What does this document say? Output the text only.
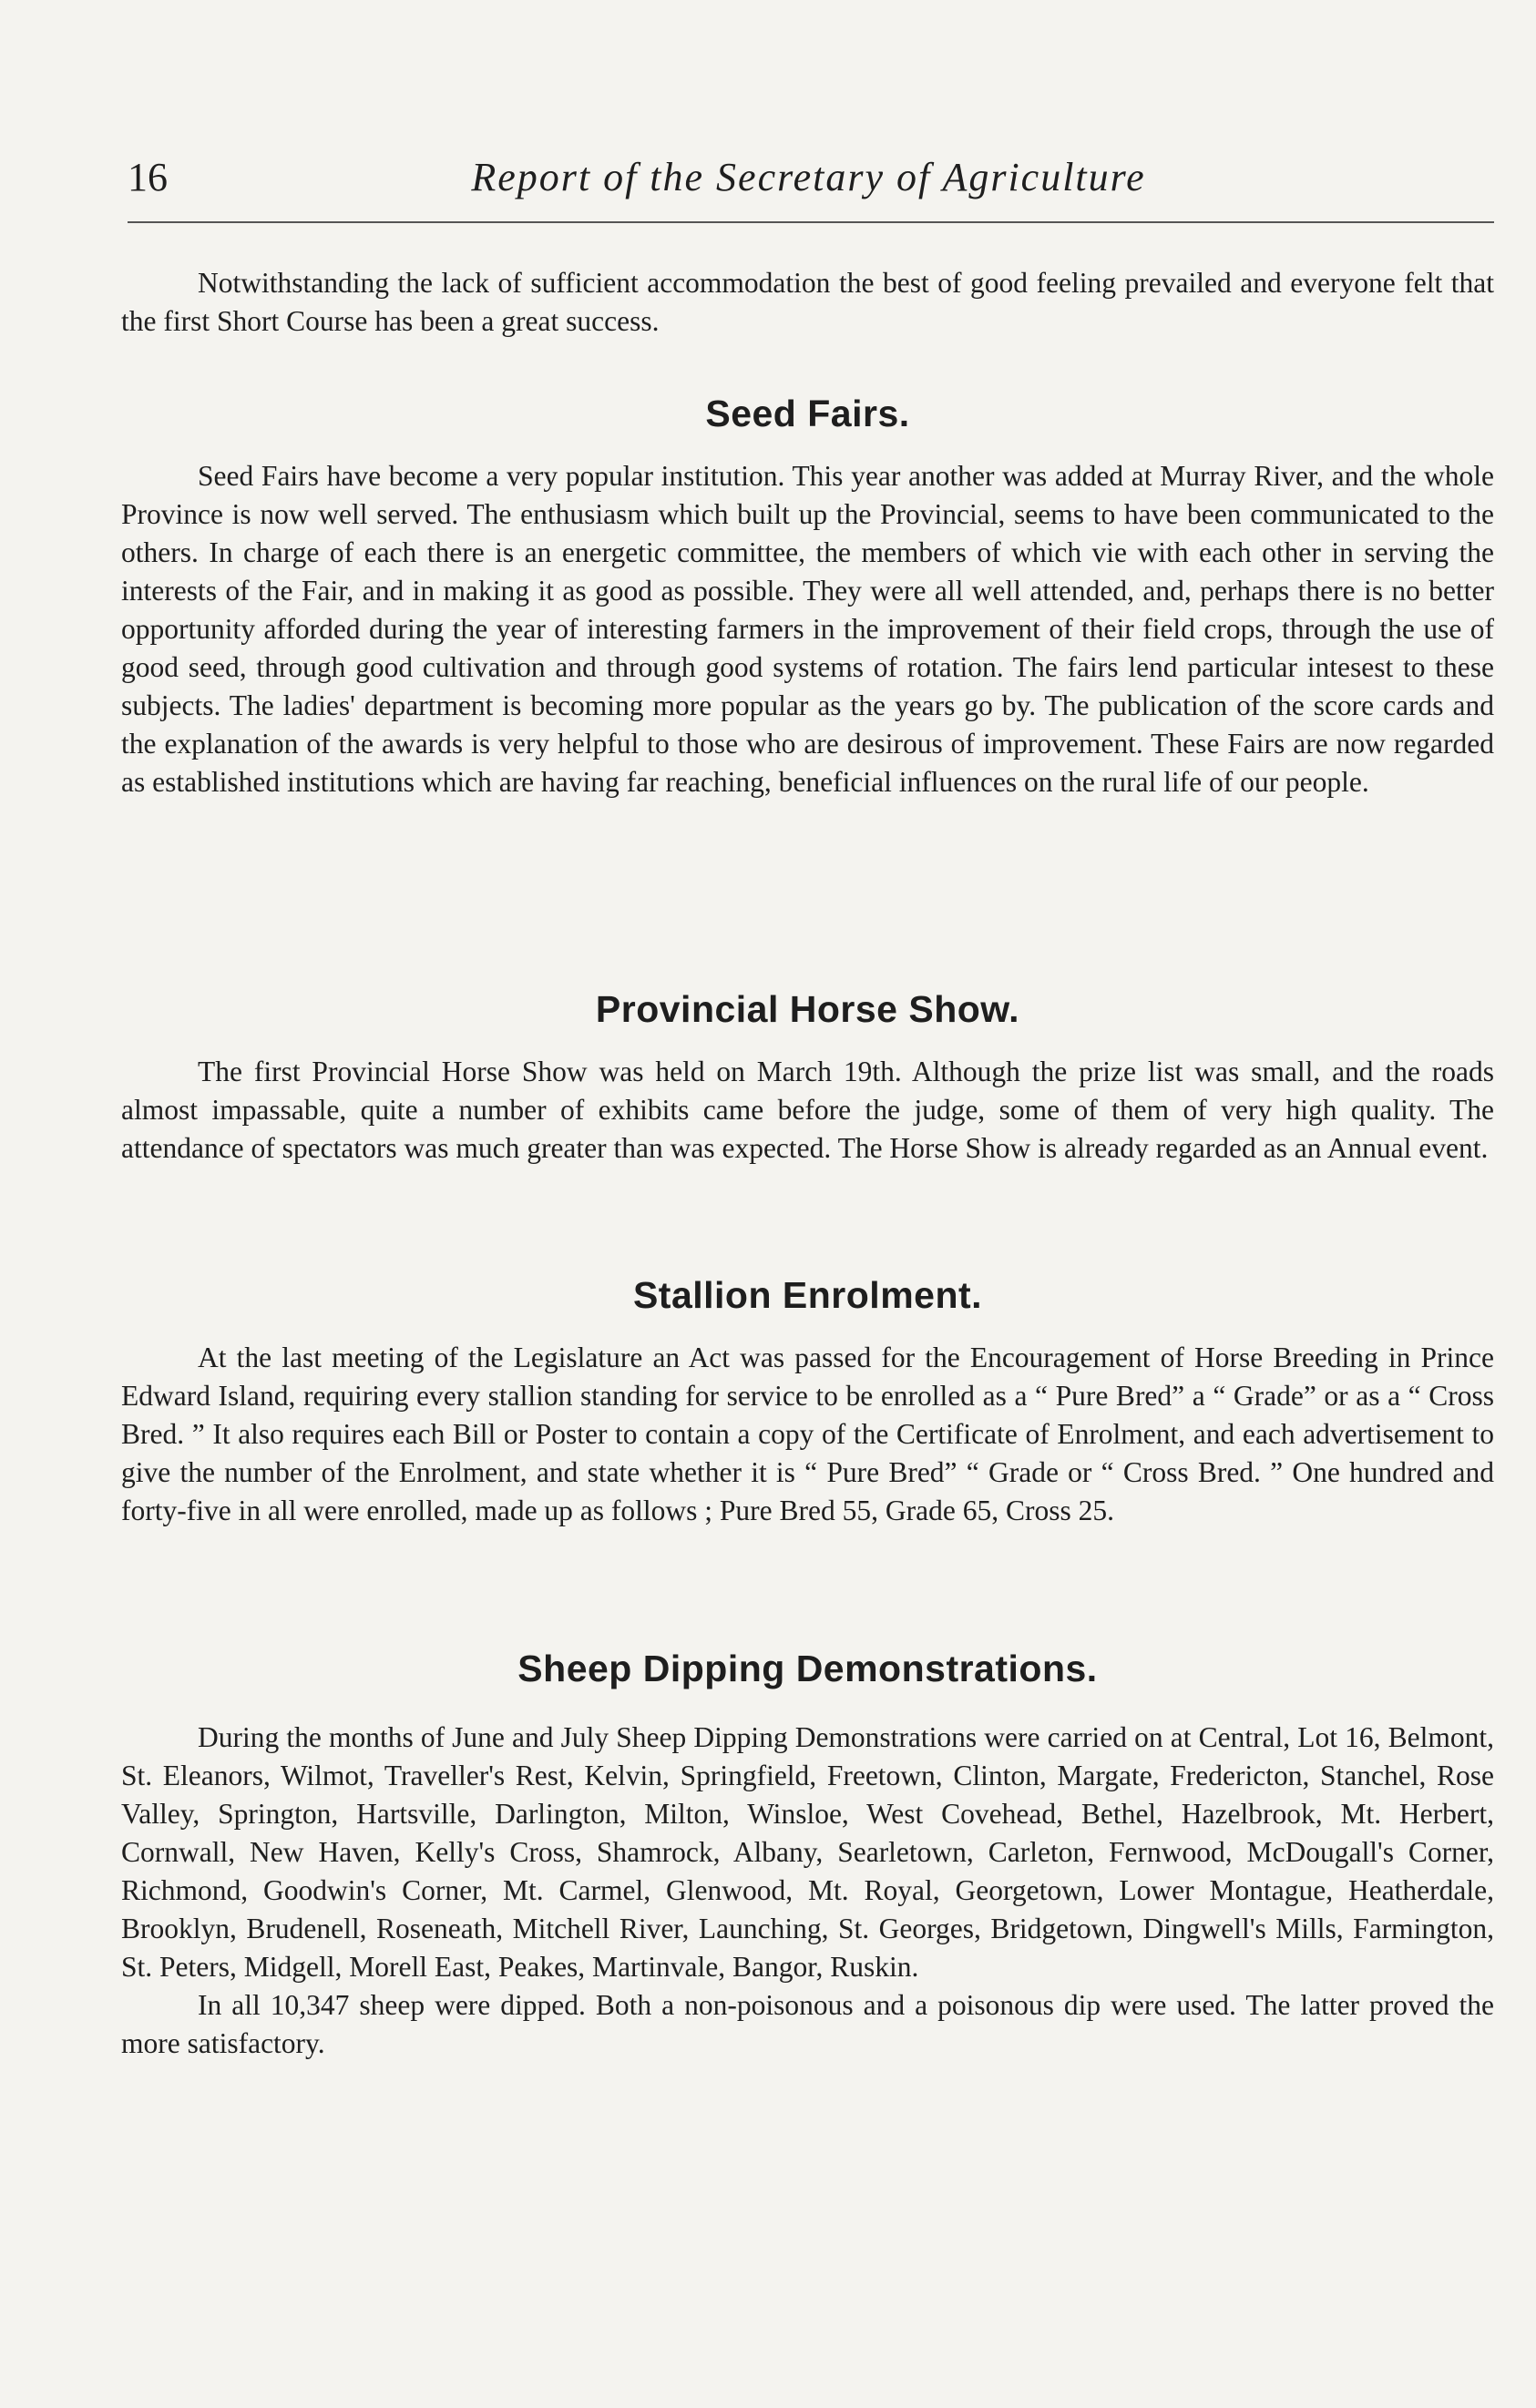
16	Report of the Secretary of Agriculture

Notwithstanding the lack of sufficient accommodation the best of good feeling prevailed and everyone felt that the first Short Course has been a great success.

Seed Fairs.

Seed Fairs have become a very popular institution. This year another was added at Murray River, and the whole Province is now well served. The enthusiasm which built up the Provincial, seems to have been communicated to the others. In charge of each there is an energetic committee, the members of which vie with each other in serving the interests of the Fair, and in making it as good as possible. They were all well attended, and, perhaps there is no better opportunity afforded during the year of interesting farmers in the improvement of their field crops, through the use of good seed, through good cultivation and through good systems of rotation. The fairs lend particular intesest to these subjects. The ladies' department is becoming more popular as the years go by. The publication of the score cards and the explanation of the awards is very helpful to those who are desirous of improvement. These Fairs are now regarded as established institutions which are having far reaching, beneficial influences on the rural life of our people.

Provincial Horse Show.

The first Provincial Horse Show was held on March 19th. Although the prize list was small, and the roads almost impassable, quite a number of exhibits came before the judge, some of them of very high quality. The attendance of spectators was much greater than was expected. The Horse Show is already regarded as an Annual event.

Stallion Enrolment.

At the last meeting of the Legislature an Act was passed for the Encouragement of Horse Breeding in Prince Edward Island, requiring every stallion standing for service to be enrolled as a “ Pure Bred” a “ Grade” or as a “ Cross Bred. ” It also requires each Bill or Poster to contain a copy of the Certificate of Enrolment, and each advertisement to give the number of the Enrolment, and state whether it is “ Pure Bred” “ Grade or “ Cross Bred. ” One hundred and forty-five in all were enrolled, made up as follows ; Pure Bred 55, Grade 65, Cross 25.

Sheep Dipping Demonstrations.

During the months of June and July Sheep Dipping Demonstrations were carried on at Central, Lot 16, Belmont, St. Eleanors, Wilmot, Traveller's Rest, Kelvin, Springfield, Freetown, Clinton, Margate, Fredericton, Stanchel, Rose Valley, Springton, Hartsville, Darlington, Milton, Winsloe, West Covehead, Bethel, Hazelbrook, Mt. Herbert, Cornwall, New Haven, Kelly's Cross, Shamrock, Albany, Searletown, Carleton, Fernwood, McDougall's Corner, Richmond, Goodwin's Corner, Mt. Carmel, Glenwood, Mt. Royal, Georgetown, Lower Montague, Heatherdale, Brooklyn, Brudenell, Roseneath, Mitchell River, Launching, St. Georges, Bridgetown, Dingwell's Mills, Farmington, St. Peters, Midgell, Morell East, Peakes, Martinvale, Bangor, Ruskin.

In all 10,347 sheep were dipped. Both a non-poisonous and a poisonous dip were used. The latter proved the more satisfactory.
